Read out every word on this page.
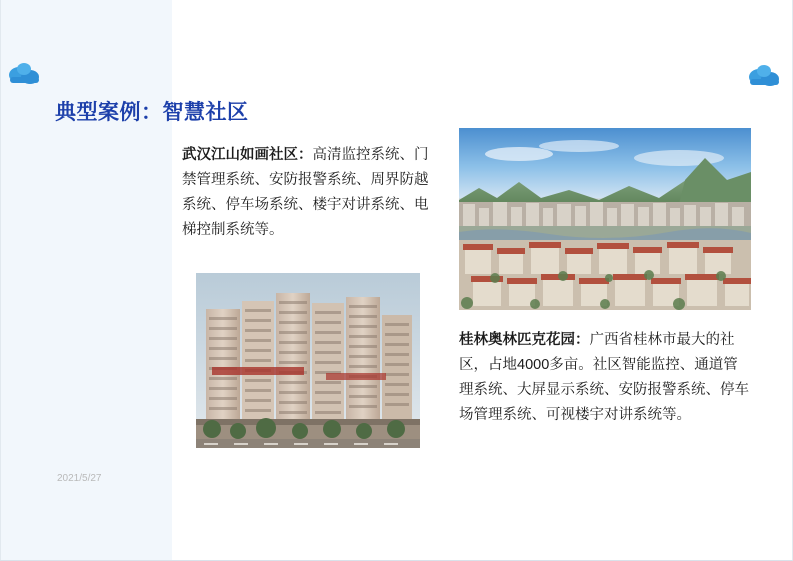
典型案例：智慧社区
武汉江山如画社区：高清监控系统、门禁管理系统、安防报警系统、周界防越系统、停车场系统、楼宇对讲系统、电梯控制系统等。
桂林奥林匹克花园：广西省桂林市最大的社区，占地4000多亩。社区智能监控、通道管理系统、大屏显示系统、安防报警系统、停车场管理系统、可视楼宇对讲系统等。
2021/5/27
